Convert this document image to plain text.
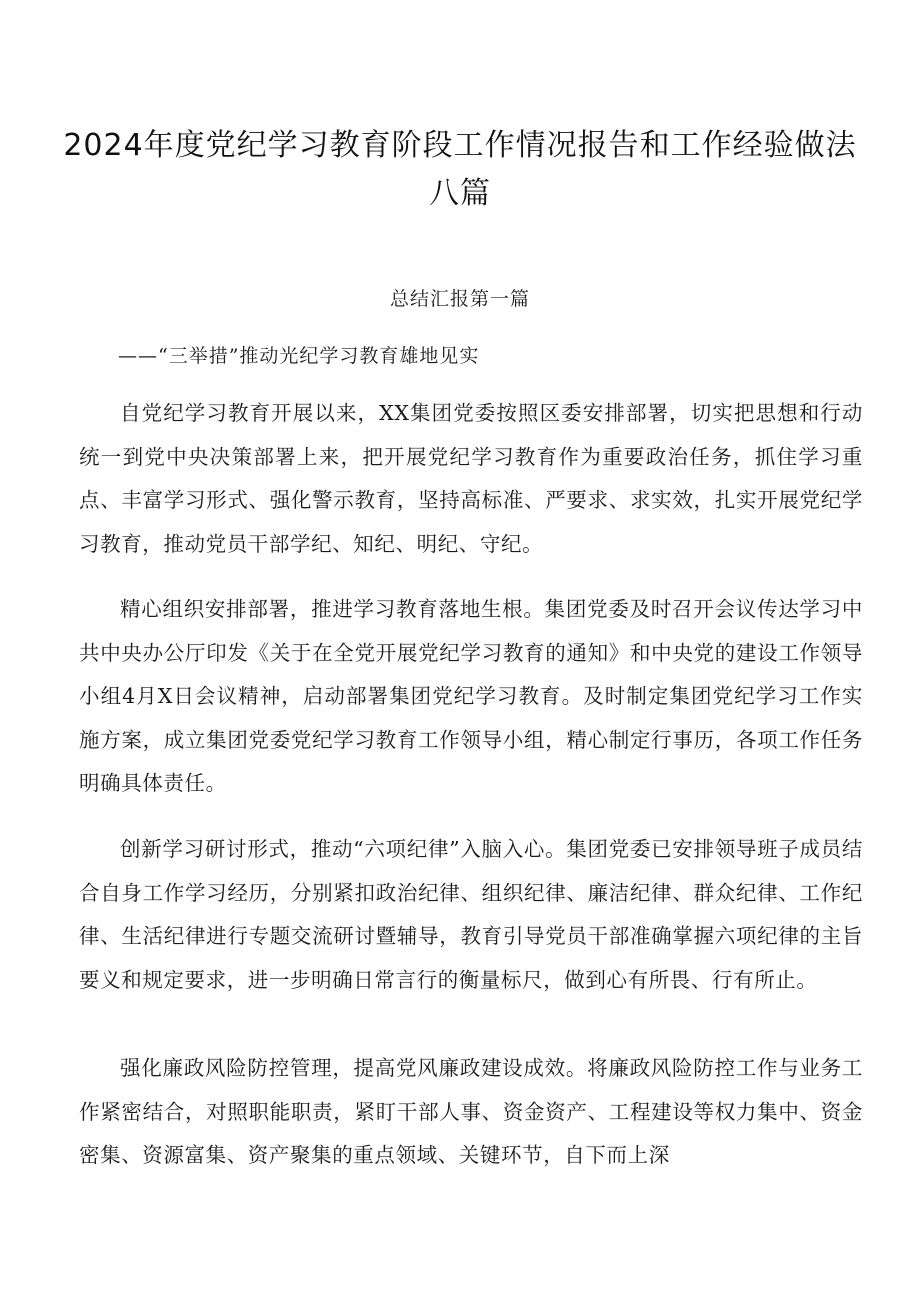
2024年度党纪学习教育阶段工作情况报告和工作经验做法八篇

总结汇报第一篇

——“三举措”推动光纪学习教育雄地见实

自党纪学习教育开展以来，XX集团党委按照区委安排部署，切实把思想和行动统一到党中央决策部署上来，把开展党纪学习教育作为重要政治任务，抓住学习重点、丰富学习形式、强化警示教育，坚持高标准、严要求、求实效，扎实开展党纪学习教育，推动党员干部学纪、知纪、明纪、守纪。

精心组织安排部署，推进学习教育落地生根。集团党委及时召开会议传达学习中共中央办公厅印发《关于在全党开展党纪学习教育的通知》和中央党的建设工作领导小组4月X日会议精神，启动部署集团党纪学习教育。及时制定集团党纪学习工作实施方案，成立集团党委党纪学习教育工作领导小组，精心制定行事历，各项工作任务明确具体责任。

创新学习研讨形式，推动“六项纪律”入脑入心。集团党委已安排领导班子成员结合自身工作学习经历，分别紧扣政治纪律、组织纪律、廉洁纪律、群众纪律、工作纪律、生活纪律进行专题交流研讨暨辅导，教育引导党员干部准确掌握六项纪律的主旨要义和规定要求，进一步明确日常言行的衡量标尺，做到心有所畏、行有所止。

强化廉政风险防控管理，提高党风廉政建设成效。将廉政风险防控工作与业务工作紧密结合，对照职能职责，紧盯干部人事、资金资产、工程建设等权力集中、资金密集、资源富集、资产聚集的重点领域、关键环节，自下而上深
